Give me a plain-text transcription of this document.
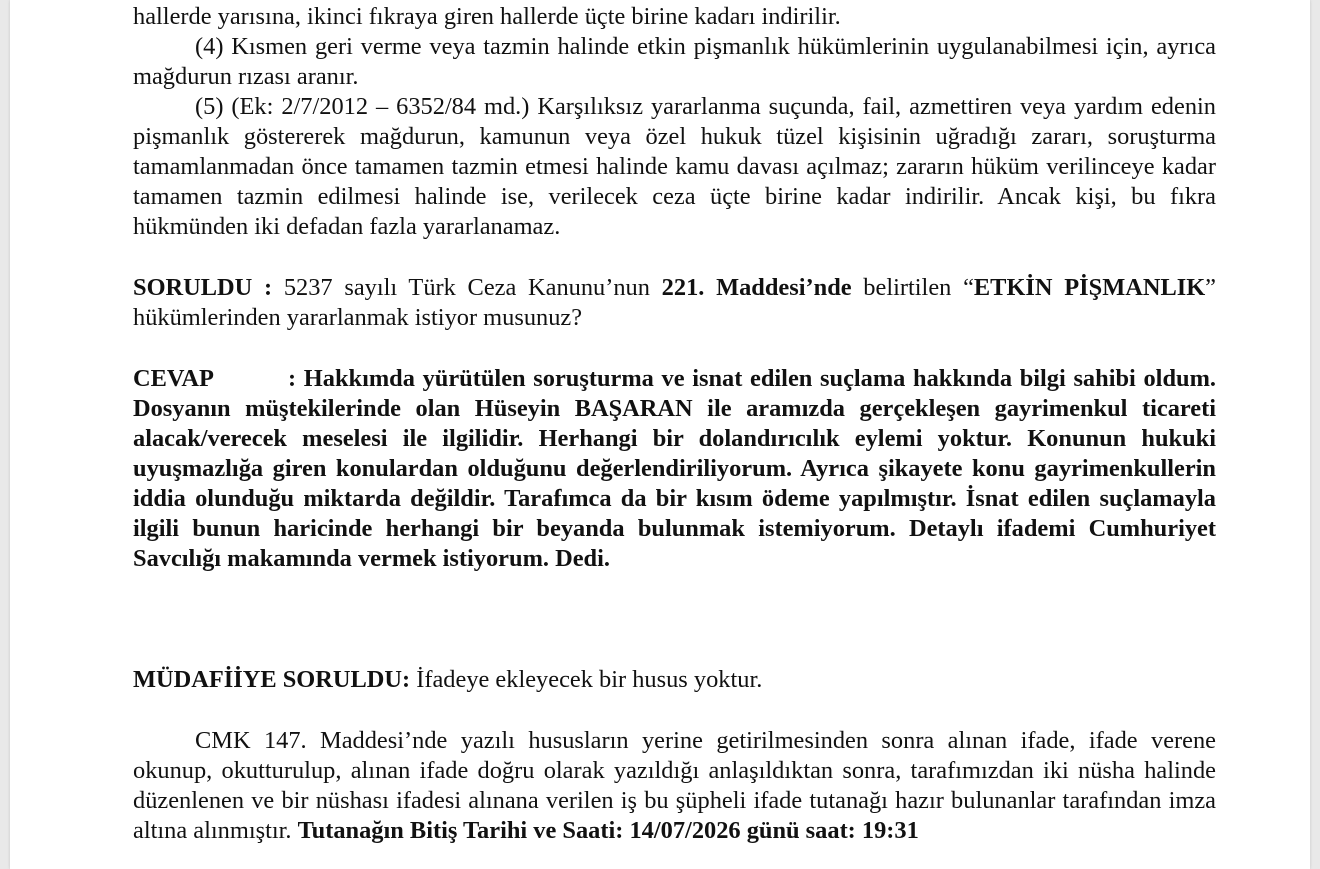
hallerde yarısına, ikinci fıkraya giren hallerde üçte birine kadarı indirilir.

(4) Kısmen geri verme veya tazmin halinde etkin pişmanlık hükümlerinin uygulanabilmesi için, ayrıca mağdurun rızası aranır.

(5) (Ek: 2/7/2012 – 6352/84 md.) Karşılıksız yararlanma suçunda, fail, azmettiren veya yardım edenin pişmanlık göstererek mağdurun, kamunun veya özel hukuk tüzel kişisinin uğradığı zararı, soruşturma tamamlanmadan önce tamamen tazmin etmesi halinde kamu davası açılmaz; zararın hüküm verilinceye kadar tamamen tazmin edilmesi halinde ise, verilecek ceza üçte birine kadar indirilir. Ancak kişi, bu fıkra hükmünden iki defadan fazla yararlanamaz.

SORULDU : 5237 sayılı Türk Ceza Kanunu’nun 221. Maddesi’nde belirtilen “ETKİN PİŞMANLIK” hükümlerinden yararlanmak istiyor musunuz?

CEVAP	: Hakkımda yürütülen soruşturma ve isnat edilen suçlama hakkında bilgi sahibi oldum. Dosyanın müştekilerinde olan Hüseyin BAŞARAN ile aramızda gerçekleşen gayrimenkul ticareti alacak/verecek meselesi ile ilgilidir. Herhangi bir dolandırıcılık eylemi yoktur. Konunun hukuki uyuşmazlığa giren konulardan olduğunu değerlendiriliyorum. Ayrıca şikayete konu gayrimenkullerin iddia olunduğu miktarda değildir. Tarafımca da bir kısım ödeme yapılmıştır. İsnat edilen suçlamayla ilgili bunun haricinde herhangi bir beyanda bulunmak istemiyorum. Detaylı ifademi Cumhuriyet Savcılığı makamında vermek istiyorum. Dedi.

MÜDAFİİYE SORULDU: İfadeye ekleyecek bir husus yoktur.

CMK 147. Maddesi’nde yazılı hususların yerine getirilmesinden sonra alınan ifade, ifade verene okunup, okutturulup, alınan ifade doğru olarak yazıldığı anlaşıldıktan sonra, tarafımızdan iki nüsha halinde düzenlenen ve bir nüshası ifadesi alınana verilen iş bu şüpheli ifade tutanağı hazır bulunanlar tarafından imza altına alınmıştır. Tutanağın Bitiş Tarihi ve Saati: 14/07/2026 günü saat: 19:31
